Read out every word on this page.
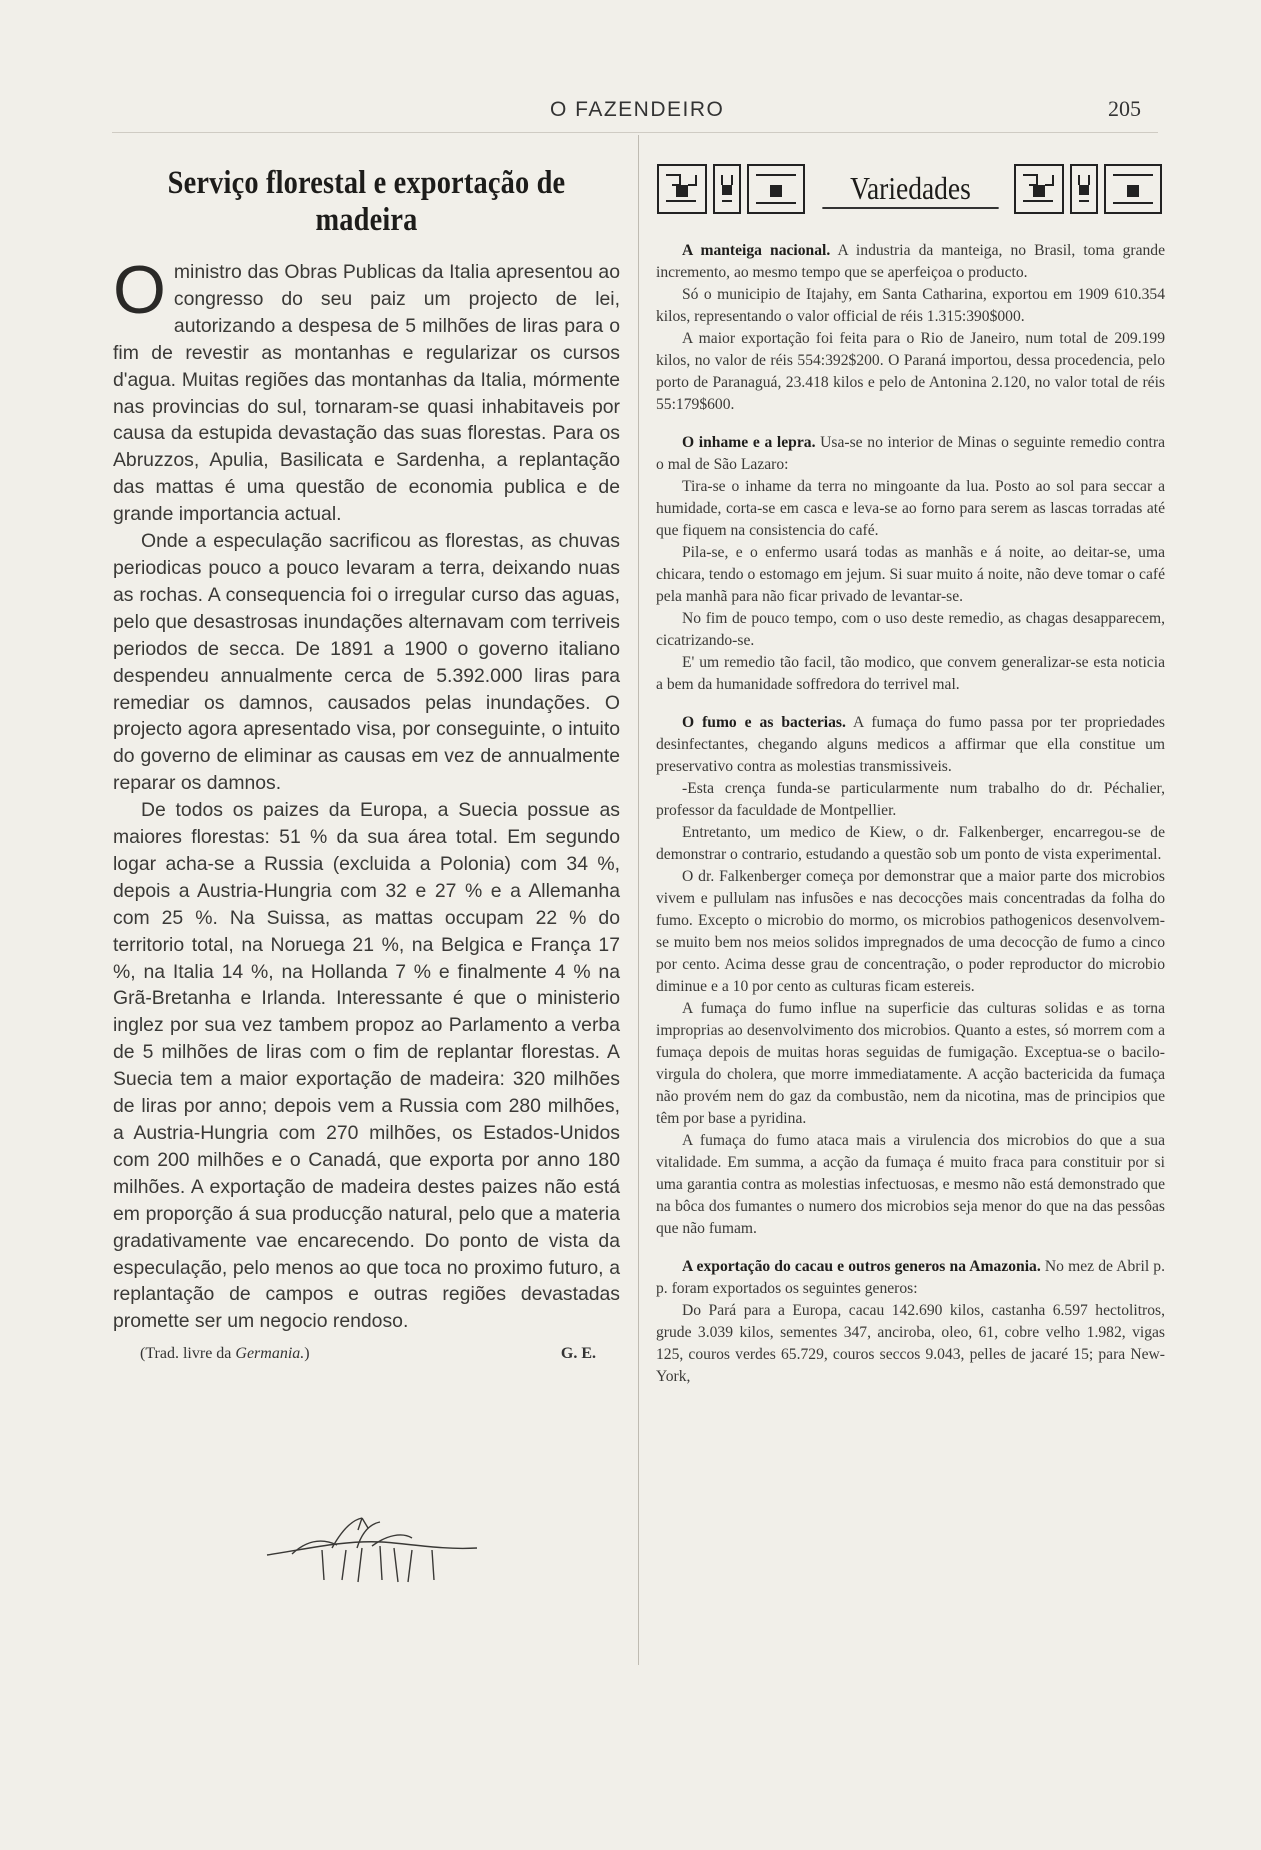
O FAZENDEIRO	205
Serviço florestal e exportação de madeira

Oministro das Obras Publicas da Italia apresentou ao congresso do seu paiz um projecto de lei, autorizando a despesa de 5 milhões de liras para o fim de revestir as montanhas e regularizar os cursos d'agua. Muitas regiões das montanhas da Italia, mórmente nas provincias do sul, tornaram-se quasi inhabitaveis por causa da estupida devastação das suas florestas. Para os Abruzzos, Apulia, Basilicata e Sardenha, a replantação das mattas é uma questão de economia publica e de grande importancia actual.

Onde a especulação sacrificou as florestas, as chuvas periodicas pouco a pouco levaram a terra, deixando nuas as rochas. A consequencia foi o irregular curso das aguas, pelo que desastrosas inundações alternavam com terriveis periodos de secca. De 1891 a 1900 o governo italiano despendeu annualmente cerca de 5.392.000 liras para remediar os damnos, causados pelas inundações. O projecto agora apresentado visa, por conseguinte, o intuito do governo de eliminar as causas em vez de annualmente reparar os damnos.

De todos os paizes da Europa, a Suecia possue as maiores florestas: 51 % da sua área total. Em segundo logar acha-se a Russia (excluida a Polonia) com 34 %, depois a Austria-Hungria com 32 e 27 % e a Allemanha com 25 %. Na Suissa, as mattas occupam 22 % do territorio total, na Noruega 21 %, na Belgica e França 17 %, na Italia 14 %, na Hollanda 7 % e finalmente 4 % na Grã-Bretanha e Irlanda. Interessante é que o ministerio inglez por sua vez tambem propoz ao Parlamento a verba de 5 milhões de liras com o fim de replantar florestas. A Suecia tem a maior exportação de madeira: 320 milhões de liras por anno; depois vem a Russia com 280 milhões, a Austria-Hungria com 270 milhões, os Estados-Unidos com 200 milhões e o Canadá, que exporta por anno 180 milhões. A exportação de madeira destes paizes não está em proporção á sua producção natural, pelo que a materia gradativamente vae encarecendo. Do ponto de vista da especulação, pelo menos ao que toca no proximo futuro, a replantação de campos e outras regiões devastadas promette ser um negocio rendoso.

(Trad. livre da Germania.)	G. E.
Variedades

A manteiga nacional. A industria da manteiga, no Brasil, toma grande incremento, ao mesmo tempo que se aperfeiçoa o producto.

Só o municipio de Itajahy, em Santa Catharina, exportou em 1909 610.354 kilos, representando o valor official de réis 1.315:390$000.

A maior exportação foi feita para o Rio de Janeiro, num total de 209.199 kilos, no valor de réis 554:392$200. O Paraná importou, dessa procedencia, pelo porto de Paranaguá, 23.418 kilos e pelo de Antonina 2.120, no valor total de réis 55:179$600.

O inhame e a lepra. Usa-se no interior de Minas o seguinte remedio contra o mal de São Lazaro:

Tira-se o inhame da terra no mingoante da lua. Posto ao sol para seccar a humidade, corta-se em casca e leva-se ao forno para serem as lascas torradas até que fiquem na consistencia do café.

Pila-se, e o enfermo usará todas as manhãs e á noite, ao deitar-se, uma chicara, tendo o estomago em jejum. Si suar muito á noite, não deve tomar o café pela manhã para não ficar privado de levantar-se.

No fim de pouco tempo, com o uso deste remedio, as chagas desapparecem, cicatrizando-se.

E' um remedio tão facil, tão modico, que convem generalizar-se esta noticia a bem da humanidade soffredora do terrivel mal.

O fumo e as bacterias. A fumaça do fumo passa por ter propriedades desinfectantes, chegando alguns medicos a affirmar que ella constitue um preservativo contra as molestias transmissiveis.

-Esta crença funda-se particularmente num trabalho do dr. Péchalier, professor da faculdade de Montpellier.

Entretanto, um medico de Kiew, o dr. Falkenberger, encarregou-se de demonstrar o contrario, estudando a questão sob um ponto de vista experimental.

O dr. Falkenberger começa por demonstrar que a maior parte dos microbios vivem e pullulam nas infusões e nas decocções mais concentradas da folha do fumo. Excepto o microbio do mormo, os microbios pathogenicos desenvolvem-se muito bem nos meios solidos impregnados de uma decocção de fumo a cinco por cento. Acima desse grau de concentração, o poder reproductor do microbio diminue e a 10 por cento as culturas ficam estereis.

A fumaça do fumo influe na superficie das culturas solidas e as torna improprias ao desenvolvimento dos microbios. Quanto a estes, só morrem com a fumaça depois de muitas horas seguidas de fumigação. Exceptua-se o bacilo-virgula do cholera, que morre immediatamente. A acção bactericida da fumaça não provém nem do gaz da combustão, nem da nicotina, mas de principios que têm por base a pyridina.

A fumaça do fumo ataca mais a virulencia dos microbios do que a sua vitalidade. Em summa, a acção da fumaça é muito fraca para constituir por si uma garantia contra as molestias infectuosas, e mesmo não está demonstrado que na bôca dos fumantes o numero dos microbios seja menor do que na das pessôas que não fumam.

A exportação do cacau e outros generos na Amazonia. No mez de Abril p. p. foram exportados os seguintes generos:

Do Pará para a Europa, cacau 142.690 kilos, castanha 6.597 hectolitros, grude 3.039 kilos, sementes 347, anciroba, oleo, 61, cobre velho 1.982, vigas 125, couros verdes 65.729, couros seccos 9.043, pelles de jacaré 15; para New-York,
